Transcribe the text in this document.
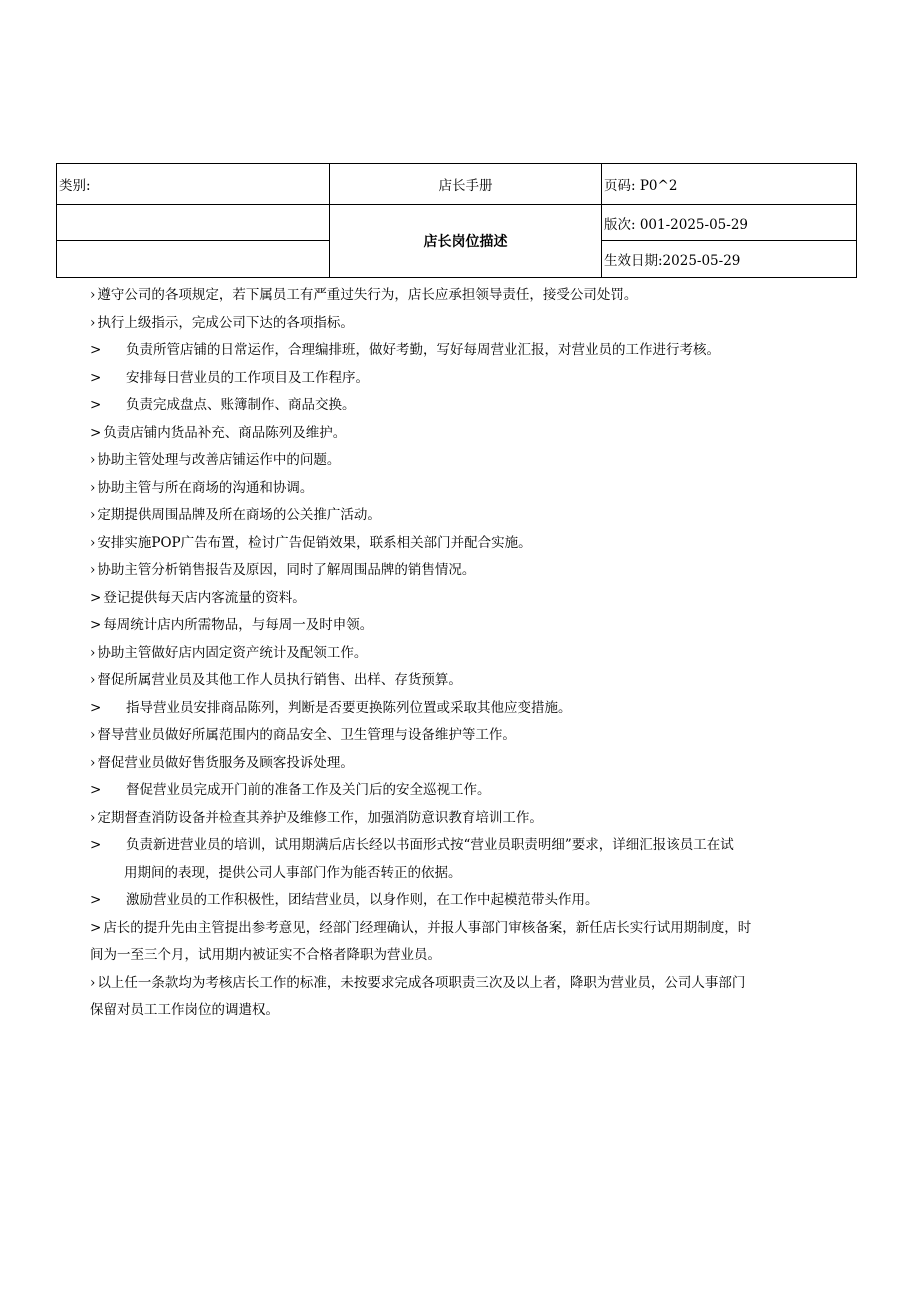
类别:	店长手册	页码: P0^2
	店长岗位描述	版次: 001-2025-05-29
		生效日期:2025-05-29
› 遵守公司的各项规定，若下属员工有严重过失行为，店长应承担领导责任，接受公司处罚。
› 执行上级指示，完成公司下达的各项指标。
> 负责所管店铺的日常运作，合理编排班，做好考勤，写好每周营业汇报，对营业员的工作进行考核。
> 安排每日营业员的工作项目及工作程序。
> 负责完成盘点、账簿制作、商品交换。
> 负责店铺内货品补充、商品陈列及维护。
› 协助主管处理与改善店铺运作中的问题。
› 协助主管与所在商场的沟通和协调。
› 定期提供周围品牌及所在商场的公关推广活动。
› 安排实施POP广告布置，检讨广告促销效果，联系相关部门并配合实施。
› 协助主管分析销售报告及原因，同时了解周围品牌的销售情况。
> 登记提供每天店内客流量的资料。
> 每周统计店内所需物品，与每周一及时申领。
› 协助主管做好店内固定资产统计及配领工作。
› 督促所属营业员及其他工作人员执行销售、出样、存货预算。
> 指导营业员安排商品陈列，判断是否要更换陈列位置或采取其他应变措施。
› 督导营业员做好所属范围内的商品安全、卫生管理与设备维护等工作。
› 督促营业员做好售货服务及顾客投诉处理。
> 督促营业员完成开门前的准备工作及关门后的安全巡视工作。
› 定期督查消防设备并检查其养护及维修工作，加强消防意识教育培训工作。
> 负责新进营业员的培训，试用期满后店长经以书面形式按“营业员职责明细”要求，详细汇报该员工在试
用期间的表现，提供公司人事部门作为能否转正的依据。
> 激励营业员的工作积极性，团结营业员，以身作则，在工作中起模范带头作用。
> 店长的提升先由主管提出参考意见，经部门经理确认，并报人事部门审核备案，新任店长实行试用期制度，时
间为一至三个月，试用期内被证实不合格者降职为营业员。
› 以上任一条款均为考核店长工作的标准，未按要求完成各项职责三次及以上者，降职为营业员，公司人事部门
保留对员工工作岗位的调遣权。
